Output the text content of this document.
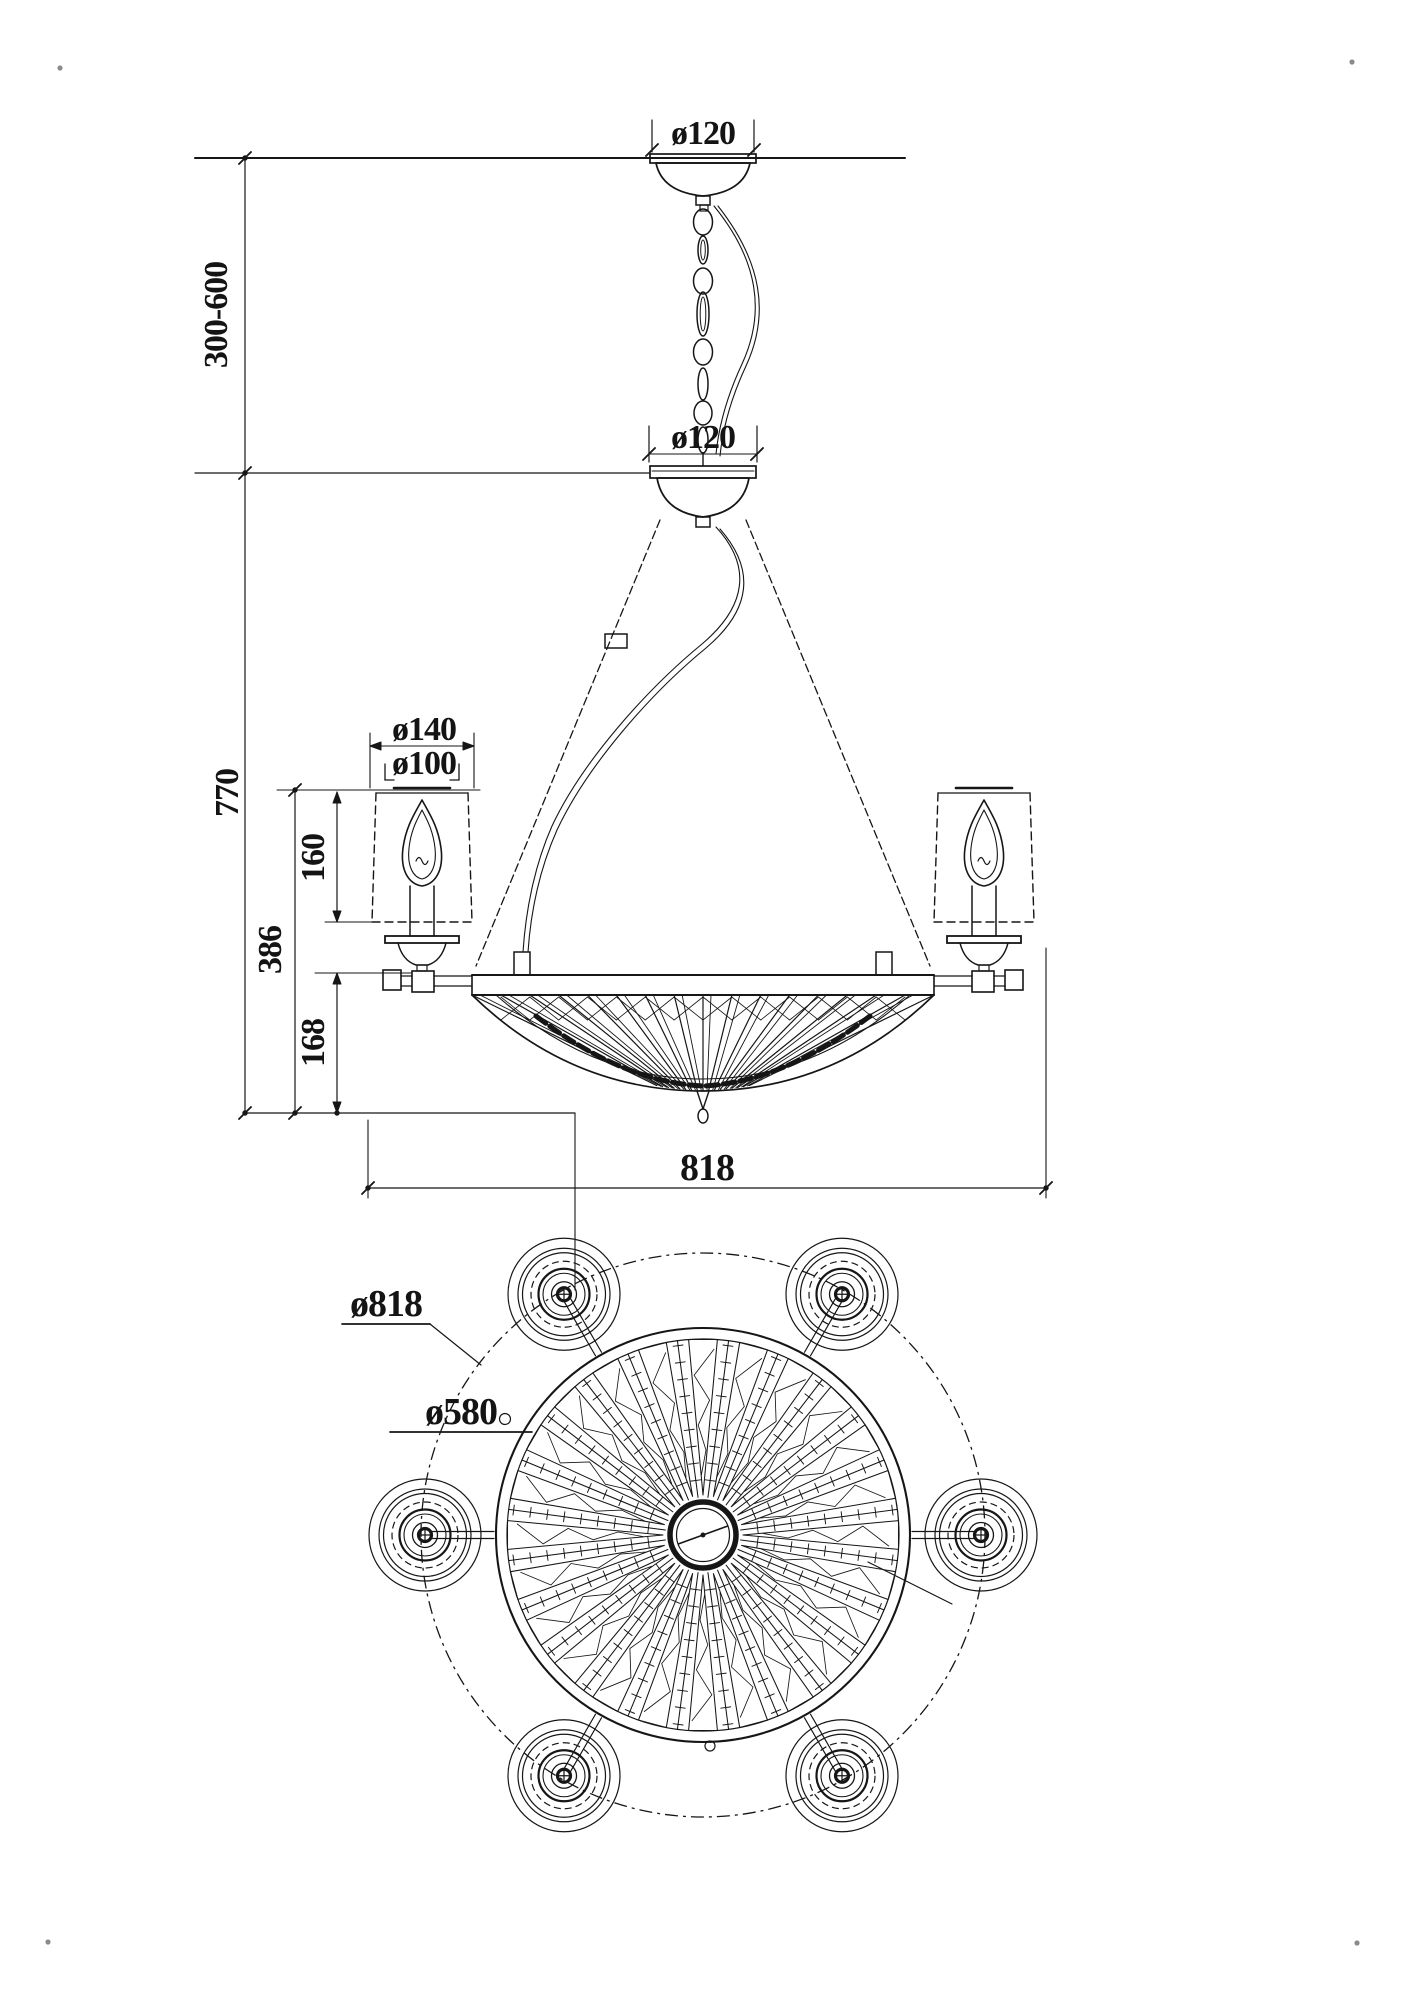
ø120
300-600
ø120
ø140
ø100
160
770
386
168
818
ø818
ø580
